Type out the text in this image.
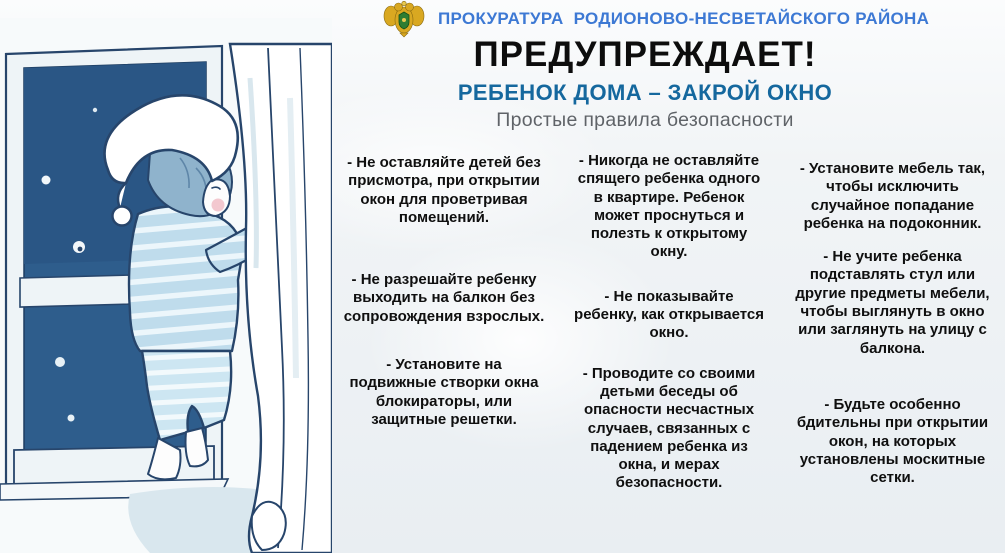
ПРОКУРАТУРА  РОДИОНОВО-НЕСВЕТАЙСКОГО РАЙОНА
ПРЕДУПРЕЖДАЕТ!
РЕБЕНОК ДОМА – ЗАКРОЙ ОКНО
Простые правила безопасности

- Не оставляйте детей без присмотра, при открытии окон для проветривая помещений.

- Не разрешайте ребенку выходить на балкон без сопровождения взрослых.

- Установите на подвижные створки окна блокираторы, или защитные решетки.

- Никогда не оставляйте спящего ребенка одного в квартире. Ребенок может проснуться и полезть к открытому окну.

- Не показывайте ребенку, как открывается окно.

- Проводите со своими детьми беседы об опасности несчастных случаев, связанных с падением ребенка из окна, и мерах безопасности.

- Установите мебель так, чтобы исключить случайное попадание ребенка на подоконник.

- Не учите ребенка подставлять стул или другие предметы мебели, чтобы выглянуть в окно или заглянуть на улицу с балкона.

- Будьте особенно бдительны при открытии окон, на которых установлены москитные сетки.
